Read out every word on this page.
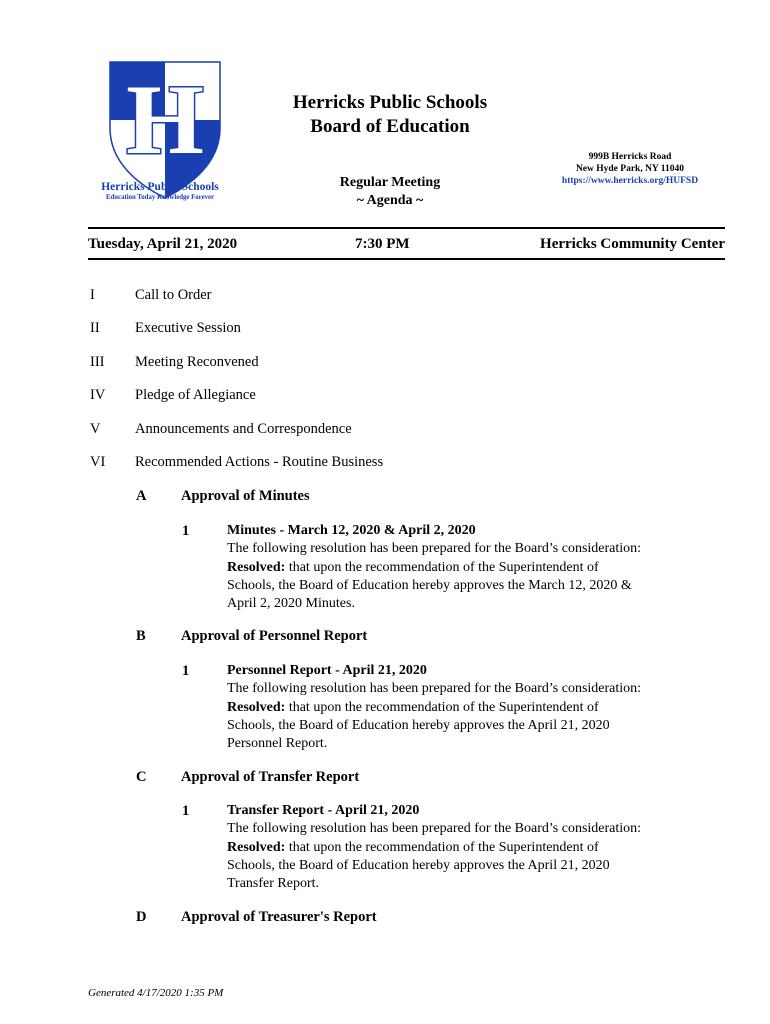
H
Herricks Public Schools
Education Today Knowledge Forever
Herricks Public Schools
Board of Education
999B Herricks Road
New Hyde Park, NY 11040
https://www.herricks.org/HUFSD
Regular Meeting
~ Agenda ~
Tuesday, April 21, 2020	7:30 PM	Herricks Community Center
I	Call to Order
II Executive Session
III Meeting Reconvened
IV Pledge of Allegiance
V Announcements and Correspondence
VI Recommended Actions - Routine Business
A Approval of Minutes
1	Minutes - March 12, 2020 & April 2, 2020
The following resolution has been prepared for the Board’s consideration:
Resolved: that upon the recommendation of the Superintendent of
Schools, the Board of Education hereby approves the March 12, 2020 &
April 2, 2020 Minutes.
B Approval of Personnel Report
1	Personnel Report - April 21, 2020
The following resolution has been prepared for the Board’s consideration:
Resolved: that upon the recommendation of the Superintendent of
Schools, the Board of Education hereby approves the April 21, 2020
Personnel Report.
C Approval of Transfer Report
1	Transfer Report - April 21, 2020
The following resolution has been prepared for the Board’s consideration:
Resolved: that upon the recommendation of the Superintendent of
Schools, the Board of Education hereby approves the April 21, 2020
Transfer Report.
D Approval of Treasurer's Report
Generated 4/17/2020 1:35 PM
